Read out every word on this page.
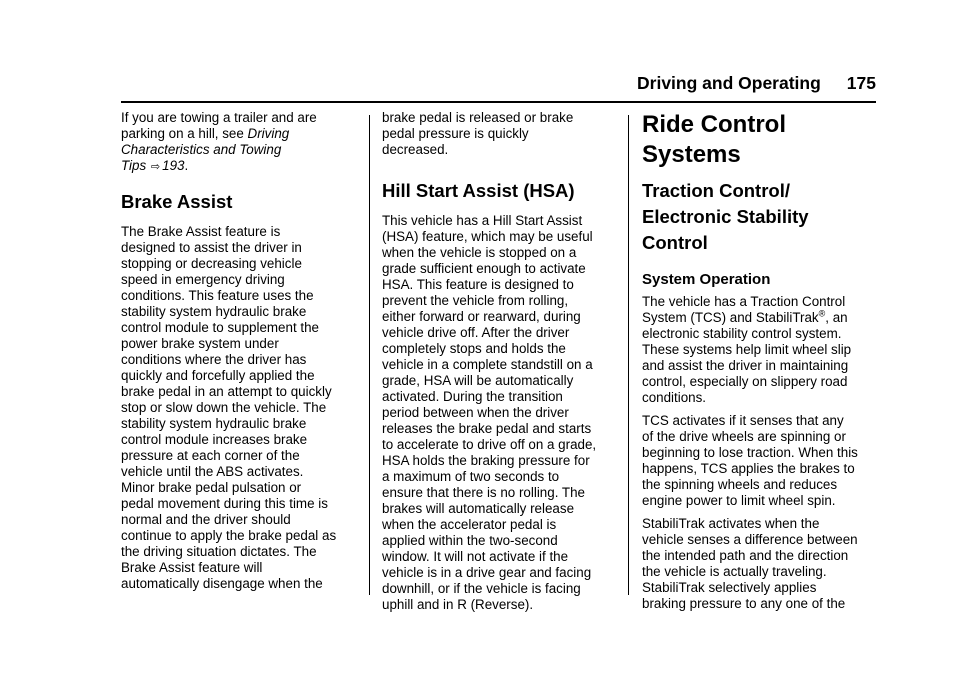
Driving and Operating 175

If you are towing a trailer and are
parking on a hill, see Driving
Characteristics and Towing
Tips ⇨ 193.

Brake Assist

The Brake Assist feature is
designed to assist the driver in
stopping or decreasing vehicle
speed in emergency driving
conditions. This feature uses the
stability system hydraulic brake
control module to supplement the
power brake system under
conditions where the driver has
quickly and forcefully applied the
brake pedal in an attempt to quickly
stop or slow down the vehicle. The
stability system hydraulic brake
control module increases brake
pressure at each corner of the
vehicle until the ABS activates.
Minor brake pedal pulsation or
pedal movement during this time is
normal and the driver should
continue to apply the brake pedal as
the driving situation dictates. The
Brake Assist feature will
automatically disengage when the

brake pedal is released or brake
pedal pressure is quickly
decreased.

Hill Start Assist (HSA)

This vehicle has a Hill Start Assist
(HSA) feature, which may be useful
when the vehicle is stopped on a
grade sufficient enough to activate
HSA. This feature is designed to
prevent the vehicle from rolling,
either forward or rearward, during
vehicle drive off. After the driver
completely stops and holds the
vehicle in a complete standstill on a
grade, HSA will be automatically
activated. During the transition
period between when the driver
releases the brake pedal and starts
to accelerate to drive off on a grade,
HSA holds the braking pressure for
a maximum of two seconds to
ensure that there is no rolling. The
brakes will automatically release
when the accelerator pedal is
applied within the two-second
window. It will not activate if the
vehicle is in a drive gear and facing
downhill, or if the vehicle is facing
uphill and in R (Reverse).

Ride Control Systems
Traction Control/
Electronic Stability
Control
System Operation

The vehicle has a Traction Control
System (TCS) and StabiliTrak®, an
electronic stability control system.
These systems help limit wheel slip
and assist the driver in maintaining
control, especially on slippery road
conditions.

TCS activates if it senses that any
of the drive wheels are spinning or
beginning to lose traction. When this
happens, TCS applies the brakes to
the spinning wheels and reduces
engine power to limit wheel spin.

StabiliTrak activates when the
vehicle senses a difference between
the intended path and the direction
the vehicle is actually traveling.
StabiliTrak selectively applies
braking pressure to any one of the
